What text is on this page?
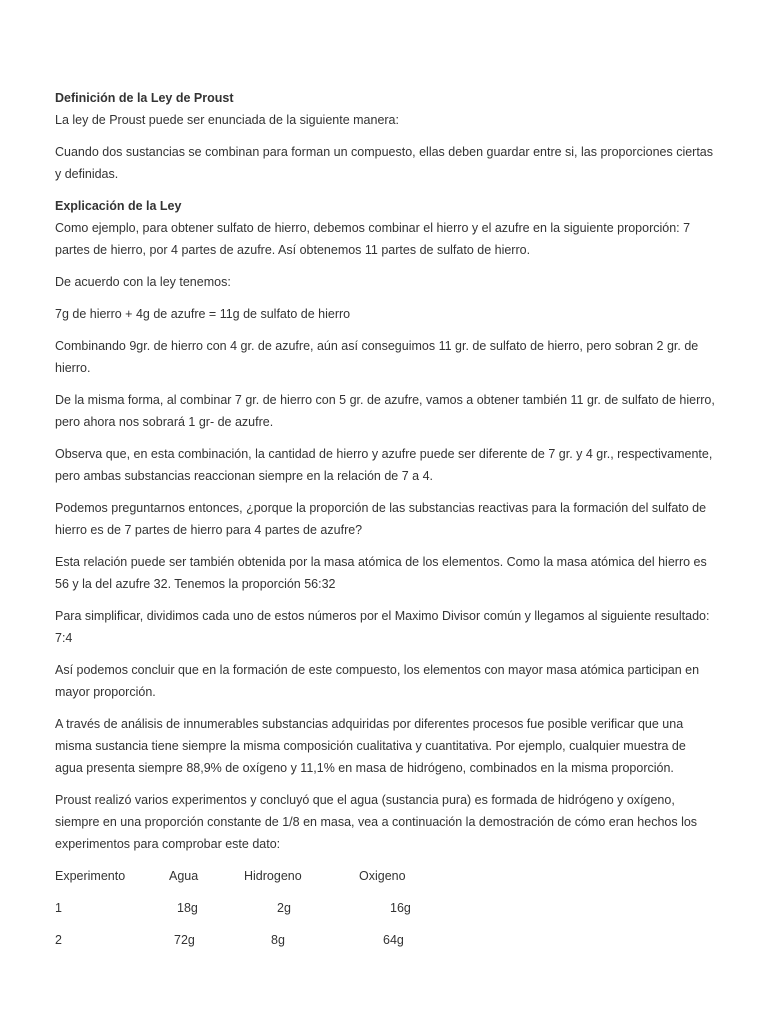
Definición de la Ley de Proust

La ley de Proust puede ser enunciada de la siguiente manera:

Cuando dos sustancias se combinan para forman un compuesto, ellas deben guardar entre si, las proporciones ciertas y definidas.

Explicación de la Ley

Como ejemplo, para obtener sulfato de hierro, debemos combinar el hierro y el azufre en la siguiente proporción: 7 partes de hierro, por 4 partes de azufre. Así obtenemos 11 partes de sulfato de hierro.

De acuerdo con la ley tenemos:

7g de hierro + 4g de azufre = 11g de sulfato de hierro

Combinando 9gr. de hierro con 4 gr. de azufre, aún así conseguimos 11 gr. de sulfato de hierro, pero sobran 2 gr. de hierro.

De la misma forma, al combinar 7 gr. de hierro con 5 gr. de azufre, vamos a obtener también 11 gr. de sulfato de hierro, pero ahora nos sobrará 1 gr- de azufre.

Observa que, en esta combinación, la cantidad de hierro y azufre puede ser diferente de 7 gr. y 4 gr., respectivamente, pero ambas substancias reaccionan siempre en la relación de 7 a 4.

Podemos preguntarnos entonces, ¿porque la proporción de las substancias reactivas para la formación del sulfato de hierro es de 7 partes de hierro para 4 partes de azufre?

Esta relación puede ser también obtenida por la masa atómica de los elementos. Como la masa atómica del hierro es 56 y la del azufre 32. Tenemos la proporción 56:32

Para simplificar, dividimos cada uno de estos números por el Maximo Divisor común y llegamos al siguiente resultado: 7:4

Así podemos concluir que en la formación de este compuesto, los elementos con mayor masa atómica participan en mayor proporción.

A través de análisis de innumerables substancias adquiridas por diferentes procesos fue posible verificar que una misma sustancia tiene siempre la misma composición cualitativa y cuantitativa. Por ejemplo, cualquier muestra de agua presenta siempre 88,9% de oxígeno y 11,1% en masa de hidrógeno, combinados en la misma proporción.

Proust realizó varios experimentos y concluyó que el agua (sustancia pura) es formada de hidrógeno y oxígeno, siempre en una proporción constante de 1/8 en masa, vea a continuación la demostración de cómo eran hechos los experimentos para comprobar este dato:

Experimento	Agua	Hidrogeno	Oxigeno
1	18g	2g	16g
2	72g	8g	64g
